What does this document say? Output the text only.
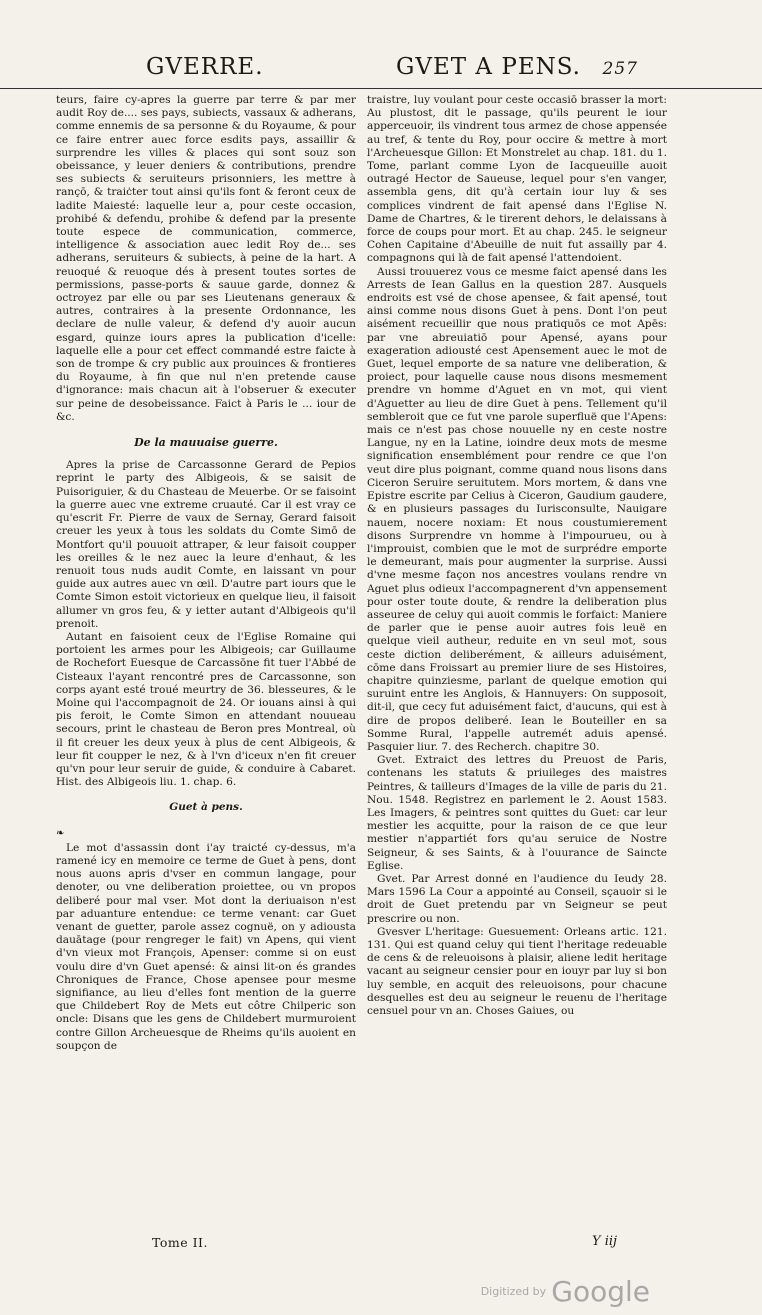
GVERRE.	GVET A PENS. 257

teurs, faire cy-apres la guerre par terre & par mer audit Roy de.... ses pays, subiects, vassaux & adherans, comme ennemis de sa personne & du Royaume, & pour ce faire entrer auec force esdits pays, assaillir & surprendre les villes & places qui sont souz son obeissance, y leuer deniers & contributions, prendre ses subiects & seruiteurs prisonniers, les mettre à rançō, & traiċter tout ainsi qu'ils font & feront ceux de ladite Maiesté: laquelle leur a, pour ceste occasion, prohibé & defendu, prohibe & defend par la presente toute espece de communication, commerce, intelligence & association auec ledit Roy de... ses adherans, seruiteurs & subiects, à peine de la hart. A reuoqué & reuoque dés à present toutes sortes de permissions, passe-ports & sauue garde, donnez & octroyez par elle ou par ses Lieutenans generaux & autres, contraires à la presente Ordonnance, les declare de nulle valeur, & defend d'y auoir aucun esgard, quinze iours apres la publication d'icelle: laquelle elle a pour cet effect commandé estre faicte à son de trompe & cry public aux prouinces & frontieres du Royaume, à fin que nul n'en pretende cause d'ignorance: mais chacun ait à l'obseruer & executer sur peine de desobeissance. Faict à Paris le ... iour de &c.

De la mauuaise guerre.

Apres la prise de Carcassonne Gerard de Pepios reprint le party des Albigeois, & se saisit de Puisoriguier, & du Chasteau de Meuerbe. Or se faisoint la guerre auec vne extreme cruauté. Car il est vray ce qu'escrit Fr. Pierre de vaux de Sernay, Gerard faisoit creuer les yeux à tous les soldats du Comte Simō de Montfort qu'il pouuoit attraper, & leur faisoit coupper les oreilles & le nez auec la leure d'enhaut, & les renuoit tous nuds audit Comte, en laissant vn pour guide aux autres auec vn œil. D'autre part iours que le Comte Simon estoit victorieux en quelque lieu, il faisoit allumer vn gros feu, & y ietter autant d'Albigeois qu'il prenoit.

Autant en faisoient ceux de l'Eglise Romaine qui portoient les armes pour les Albigeois; car Guillaume de Rochefort Euesque de Carcassōne fit tuer l'Abbé de Cisteaux l'ayant rencontré pres de Carcassonne, son corps ayant esté troué meurtry de 36. blesseures, & le Moine qui l'accompagnoit de 24. Or iouans ainsi à qui pis feroit, le Comte Simon en attendant nouueau secours, print le chasteau de Beron pres Montreal, où il fit creuer les deux yeux à plus de cent Albigeois, & leur fit coupper le nez, & à l'vn d'iceux n'en fit creuer qu'vn pour leur seruir de guide, & conduire à Cabaret. Hist. des Albigeois liu. 1. chap. 6.

Guet à pens.
❧

Le mot d'assassin dont i'ay traicté cy-dessus, m'a ramené icy en memoire ce terme de Guet à pens, dont nous auons apris d'vser en commun langage, pour denoter, ou vne deliberation proiettee, ou vn propos deliberé pour mal vser. Mot dont la deriuaison n'est par aduanture entendue: ce terme venant: car Guet venant de guetter, parole assez cognuë, on y adiousta dauātage (pour rengreger le fait) vn Apens, qui vient d'vn vieux mot François, Apenser: comme si on eust voulu dire d'vn Guet apensé: & ainsi lit-on és grandes Chroniques de France, Chose apensee pour mesme signifiance, au lieu d'elles font mention de la guerre que Childebert Roy de Mets eut côtre Chilperic son oncle: Disans que les gens de Childebert murmuroient contre Gillon Archeuesque de Rheims qu'ils auoient en soupçon de

traistre, luy voulant pour ceste occasiō brasser la mort: Au plustost, dit le passage, qu'ils peurent le iour apperceuoir, ils vindrent tous armez de chose appensée au tref, & tente du Roy, pour occire & mettre à mort l'Archeuesque Gillon: Et Monstrelet au chap. 181. du 1. Tome, parlant comme Lyon de Iacqueuille auoit outragé Hector de Saueuse, lequel pour s'en vanger, assembla gens, dit qu'à certain iour luy & ses complices vindrent de fait apensé dans l'Eglise N. Dame de Chartres, & le tirerent dehors, le delaissans à force de coups pour mort. Et au chap. 245. le seigneur Cohen Capitaine d'Abeuille de nuit fut assailly par 4. compagnons qui là de fait apensé l'attendoient.

Aussi trouuerez vous ce mesme faict apensé dans les Arrests de Iean Gallus en la question 287. Ausquels endroits est vsé de chose apensee, & fait apensé, tout ainsi comme nous disons Guet à pens. Dont l'on peut aisément recueillir que nous pratiquōs ce mot Apēs: par vne abreuiatiō pour Apensé, ayans pour exageration adiousté cest Apensement auec le mot de Guet, lequel emporte de sa nature vne deliberation, & proiect, pour laquelle cause nous disons mesmement prendre vn homme d'Aguet en vn mot, qui vient d'Aguetter au lieu de dire Guet à pens. Tellement qu'il sembleroit que ce fut vne parole superfluë que l'Apens: mais ce n'est pas chose nouuelle ny en ceste nostre Langue, ny en la Latine, ioindre deux mots de mesme signification ensemblément pour rendre ce que l'on veut dire plus poignant, comme quand nous lisons dans Ciceron Seruire seruitutem. Mors mortem, & dans vne Epistre escrite par Celius à Ciceron, Gaudium gaudere, & en plusieurs passages du Iurisconsulte, Nauigare nauem, nocere noxiam: Et nous coustumierement disons Surprendre vn homme à l'impourueu, ou à l'improuist, combien que le mot de surprédre emporte le demeurant, mais pour augmenter la surprise. Aussi d'vne mesme façon nos ancestres voulans rendre vn Aguet plus odieux l'accompagnerent d'vn appensement pour oster toute doute, & rendre la deliberation plus asseuree de celuy qui auoit commis le forfaict: Maniere de parler que ie pense auoir autres fois leuë en quelque vieil autheur, reduite en vn seul mot, sous ceste diction deliberément, & ailleurs aduisément, cōme dans Froissart au premier liure de ses Histoires, chapitre quinziesme, parlant de quelque emotion qui suruint entre les Anglois, & Hannuyers: On supposoit, dit-il, que cecy fut aduisément faict, d'aucuns, qui est à dire de propos deliberé. Iean le Bouteiller en sa Somme Rural, l'appelle autremét aduis apensé. Pasquier liur. 7. des Recherch. chapitre 30.

Gvet. Extraict des lettres du Preuost de Paris, contenans les statuts & priuileges des maistres Peintres, & tailleurs d'Images de la ville de paris du 21. Nou. 1548. Registrez en parlement le 2. Aoust 1583. Les Imagers, & peintres sont quittes du Guet: car leur mestier les acquitte, pour la raison de ce que leur mestier n'appartiét fors qu'au seruice de Nostre Seigneur, & ses Saints, & à l'ouurance de Saincte Eglise.

Gvet. Par Arrest donné en l'audience du Ieudy 28. Mars 1596 La Cour a appointé au Conseil, sçauoir si le droit de Guet pretendu par vn Seigneur se peut prescrire ou non.

Gvesver L'heritage: Guesuement: Orleans artic. 121. 131. Qui est quand celuy qui tient l'heritage redeuable de cens & de releuoisons à plaisir, aliene ledit heritage vacant au seigneur censier pour en iouyr par luy si bon luy semble, en acquit des releuoisons, pour chacune desquelles est deu au seigneur le reuenu de l'heritage censuel pour vn an. Choses Gaiues, ou

Tome II.	Y iij
Digitized by Google
